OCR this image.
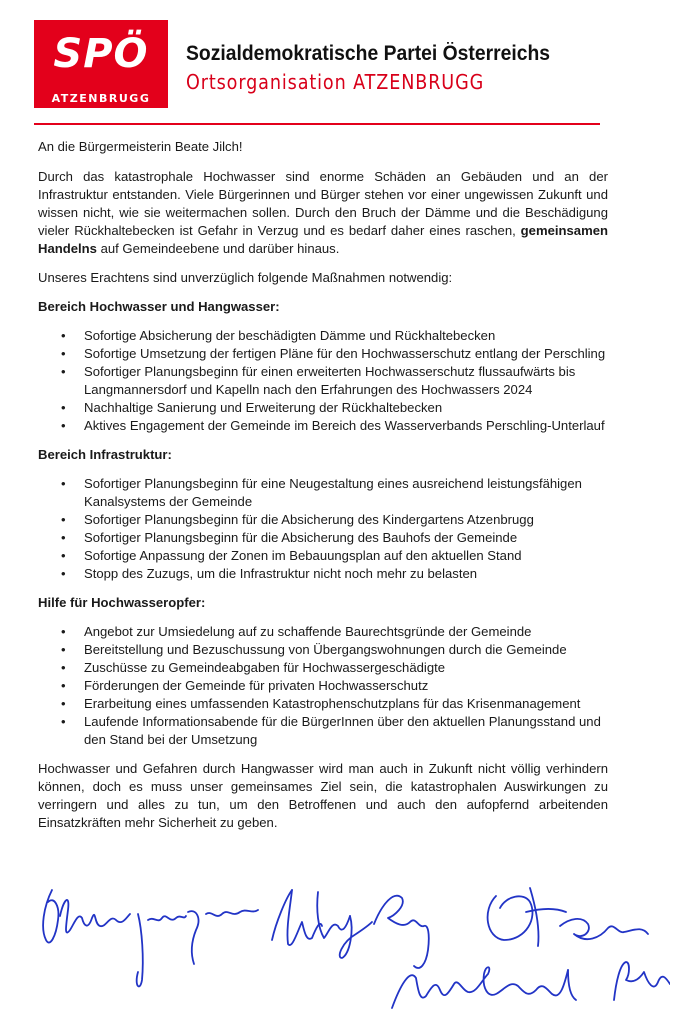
SPÖ
ATZENBRUGG
Sozialdemokratische Partei Österreichs
Ortsorganisation ATZENBRUGG

An die Bürgermeisterin Beate Jilch!

Durch das katastrophale Hochwasser sind enorme Schäden an Gebäuden und an der Infrastruktur entstanden. Viele Bürgerinnen und Bürger stehen vor einer ungewissen Zukunft und wissen nicht, wie sie weitermachen sollen. Durch den Bruch der Dämme und die Beschädigung vieler Rückhaltebecken ist Gefahr in Verzug und es bedarf daher eines raschen, gemeinsamen Handelns auf Gemeindeebene und darüber hinaus.

Unseres Erachtens sind unverzüglich folgende Maßnahmen notwendig:

Bereich Hochwasser und Hangwasser:

• Sofortige Absicherung der beschädigten Dämme und Rückhaltebecken
• Sofortige Umsetzung der fertigen Pläne für den Hochwasserschutz entlang der Perschling
• Sofortiger Planungsbeginn für einen erweiterten Hochwasserschutz flussaufwärts bis Langmannersdorf und Kapelln nach den Erfahrungen des Hochwassers 2024
• Nachhaltige Sanierung und Erweiterung der Rückhaltebecken
• Aktives Engagement der Gemeinde im Bereich des Wasserverbands Perschling-Unterlauf

Bereich Infrastruktur:

• Sofortiger Planungsbeginn für eine Neugestaltung eines ausreichend leistungsfähigen Kanalsystems der Gemeinde
• Sofortiger Planungsbeginn für die Absicherung des Kindergartens Atzenbrugg
• Sofortiger Planungsbeginn für die Absicherung des Bauhofs der Gemeinde
• Sofortige Anpassung der Zonen im Bebauungsplan auf den aktuellen Stand
• Stopp des Zuzugs, um die Infrastruktur nicht noch mehr zu belasten

Hilfe für Hochwasseropfer:

• Angebot zur Umsiedelung auf zu schaffende Baurechtsgründe der Gemeinde
• Bereitstellung und Bezuschussung von Übergangswohnungen durch die Gemeinde
• Zuschüsse zu Gemeindeabgaben für Hochwassergeschädigte
• Förderungen der Gemeinde für privaten Hochwasserschutz
• Erarbeitung eines umfassenden Katastrophenschutzplans für das Krisenmanagement
• Laufende Informationsabende für die BürgerInnen über den aktuellen Planungsstand und den Stand bei der Umsetzung

Hochwasser und Gefahren durch Hangwasser wird man auch in Zukunft nicht völlig verhindern können, doch es muss unser gemeinsames Ziel sein, die katastrophalen Auswirkungen zu verringern und alles zu tun, um den Betroffenen und auch den aufopfernd arbeitenden Einsatzkräften mehr Sicherheit zu geben.
